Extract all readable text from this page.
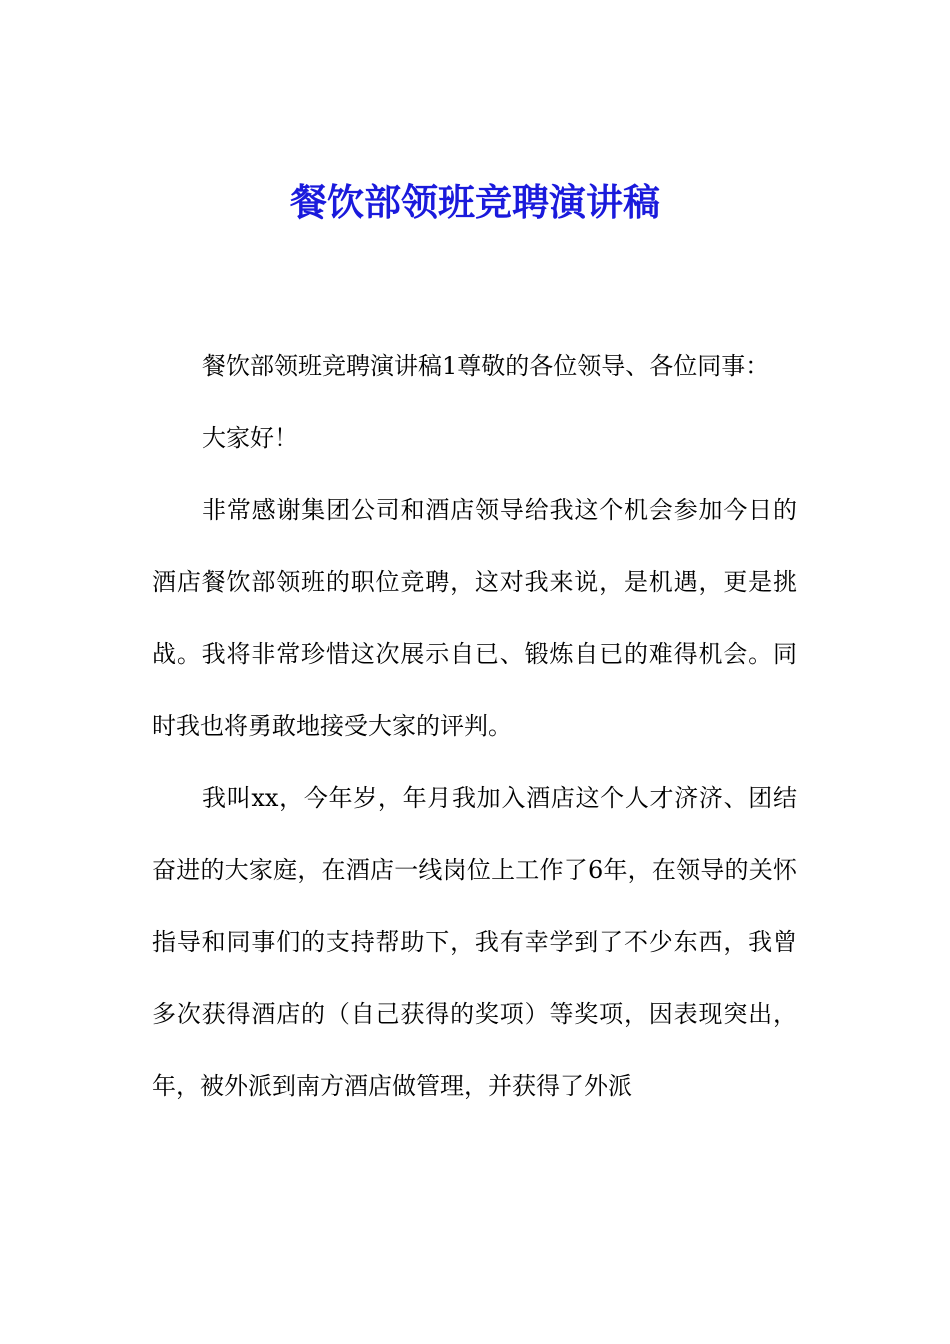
餐饮部领班竞聘演讲稿

餐饮部领班竞聘演讲稿1尊敬的各位领导、各位同事：

大家好！

非常感谢集团公司和酒店领导给我这个机会参加今日的酒店餐饮部领班的职位竞聘，这对我来说，是机遇，更是挑战。我将非常珍惜这次展示自已、锻炼自已的难得机会。同时我也将勇敢地接受大家的评判。

我叫xx，今年岁，年月我加入酒店这个人才济济、团结奋进的大家庭，在酒店一线岗位上工作了6年，在领导的关怀指导和同事们的支持帮助下，我有幸学到了不少东西，我曾多次获得酒店的（自己获得的奖项）等奖项，因表现突出，年，被外派到南方酒店做管理，并获得了外派
